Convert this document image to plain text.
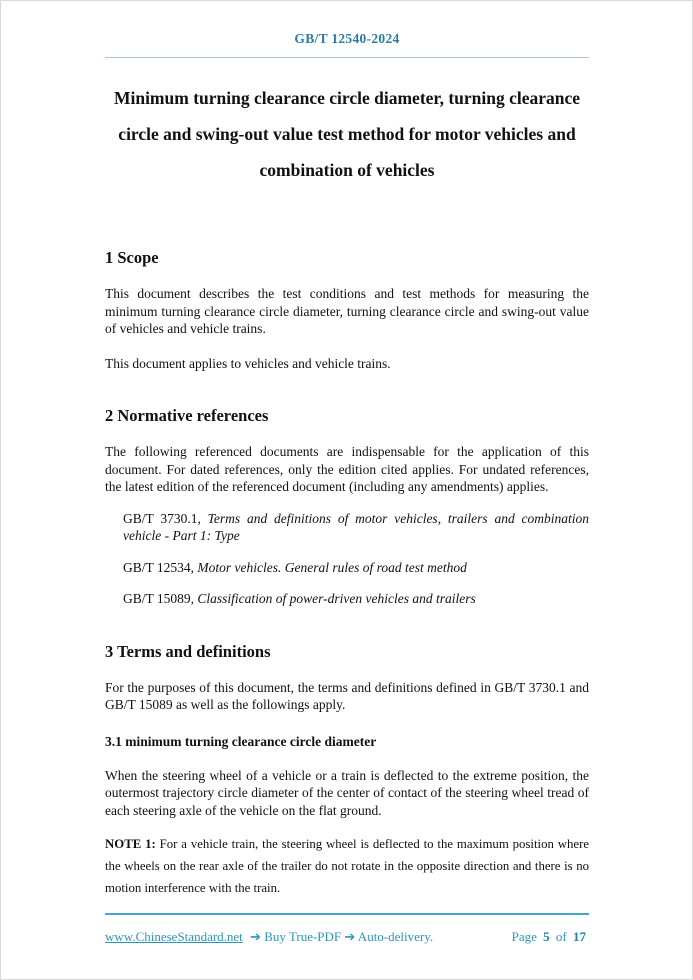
GB/T 12540-2024
Minimum turning clearance circle diameter, turning clearance circle and swing-out value test method for motor vehicles and combination of vehicles
1 Scope

This document describes the test conditions and test methods for measuring the minimum turning clearance circle diameter, turning clearance circle and swing-out value of vehicles and vehicle trains.

This document applies to vehicles and vehicle trains.

2 Normative references

The following referenced documents are indispensable for the application of this document. For dated references, only the edition cited applies. For undated references, the latest edition of the referenced document (including any amendments) applies.

GB/T 3730.1, Terms and definitions of motor vehicles, trailers and combination vehicle - Part 1: Type

GB/T 12534, Motor vehicles. General rules of road test method

GB/T 15089, Classification of power-driven vehicles and trailers

3 Terms and definitions

For the purposes of this document, the terms and definitions defined in GB/T 3730.1 and GB/T 15089 as well as the followings apply.

3.1 minimum turning clearance circle diameter

When the steering wheel of a vehicle or a train is deflected to the extreme position, the outermost trajectory circle diameter of the center of contact of the steering wheel tread of each steering axle of the vehicle on the flat ground.

NOTE 1: For a vehicle train, the steering wheel is deflected to the maximum position where the wheels on the rear axle of the trailer do not rotate in the opposite direction and there is no motion interference with the train.

www.ChineseStandard.net ➔ Buy True-PDF ➔ Auto-delivery.	Page 5 of 17
